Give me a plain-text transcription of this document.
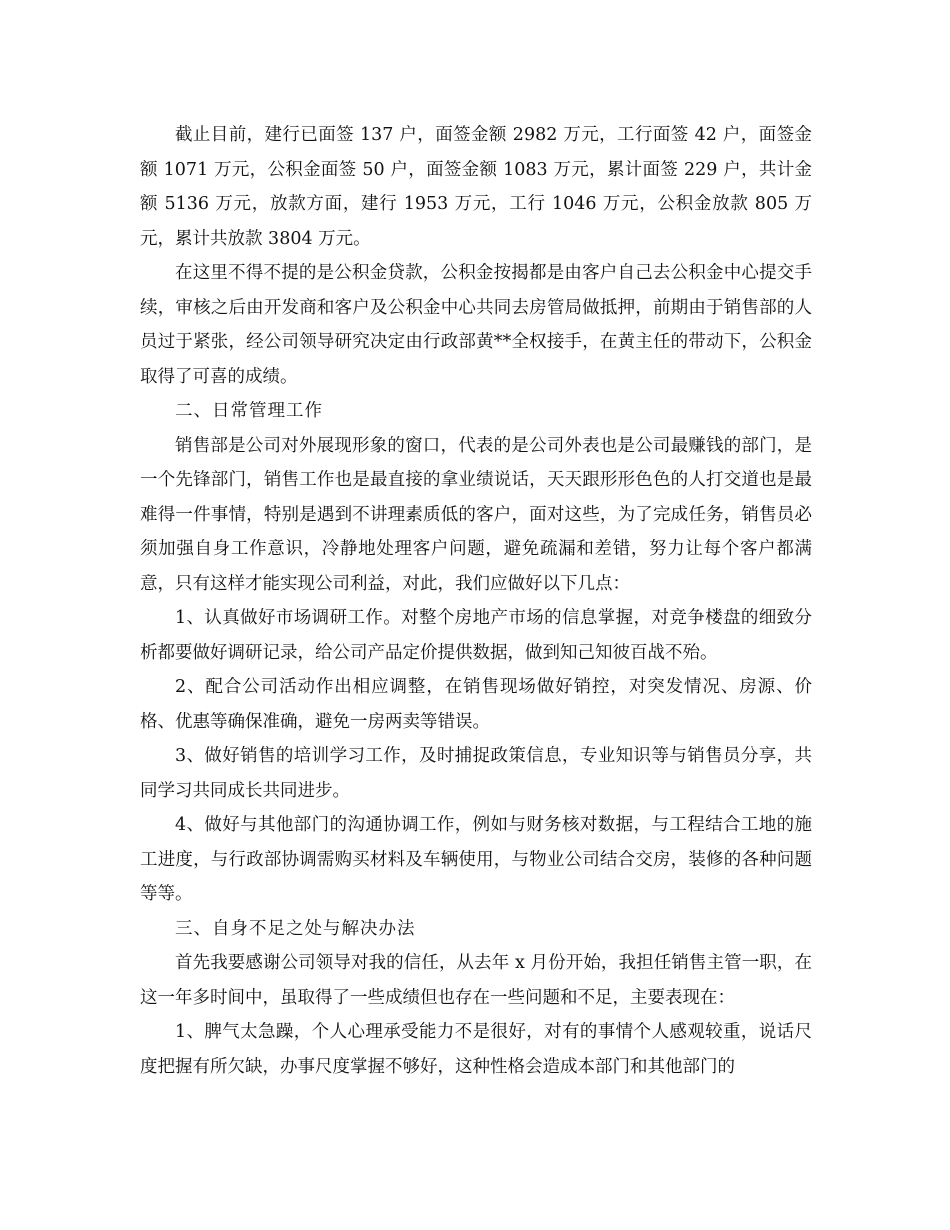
截止目前，建行已面签 137 户，面签金额 2982 万元，工行面签 42 户，面签金额 1071 万元，公积金面签 50 户，面签金额 1083 万元，累计面签 229 户，共计金额 5136 万元，放款方面，建行 1953 万元，工行 1046 万元，公积金放款 805 万元，累计共放款 3804 万元。

在这里不得不提的是公积金贷款，公积金按揭都是由客户自己去公积金中心提交手续，审核之后由开发商和客户及公积金中心共同去房管局做抵押，前期由于销售部的人员过于紧张，经公司领导研究决定由行政部黄**全权接手，在黄主任的带动下，公积金取得了可喜的成绩。

二、日常管理工作

销售部是公司对外展现形象的窗口，代表的是公司外表也是公司最赚钱的部门，是一个先锋部门，销售工作也是最直接的拿业绩说话，天天跟形形色色的人打交道也是最难得一件事情，特别是遇到不讲理素质低的客户，面对这些，为了完成任务，销售员必须加强自身工作意识，冷静地处理客户问题，避免疏漏和差错，努力让每个客户都满意，只有这样才能实现公司利益，对此，我们应做好以下几点：

1、认真做好市场调研工作。对整个房地产市场的信息掌握，对竞争楼盘的细致分析都要做好调研记录，给公司产品定价提供数据，做到知己知彼百战不殆。

2、配合公司活动作出相应调整，在销售现场做好销控，对突发情况、房源、价格、优惠等确保准确，避免一房两卖等错误。

3、做好销售的培训学习工作，及时捕捉政策信息，专业知识等与销售员分享，共同学习共同成长共同进步。

4、做好与其他部门的沟通协调工作，例如与财务核对数据，与工程结合工地的施工进度，与行政部协调需购买材料及车辆使用，与物业公司结合交房，装修的各种问题等等。

三、自身不足之处与解决办法

首先我要感谢公司领导对我的信任，从去年 x 月份开始，我担任销售主管一职，在这一年多时间中，虽取得了一些成绩但也存在一些问题和不足，主要表现在：

1、脾气太急躁，个人心理承受能力不是很好，对有的事情个人感观较重，说话尺度把握有所欠缺，办事尺度掌握不够好，这种性格会造成本部门和其他部门的
